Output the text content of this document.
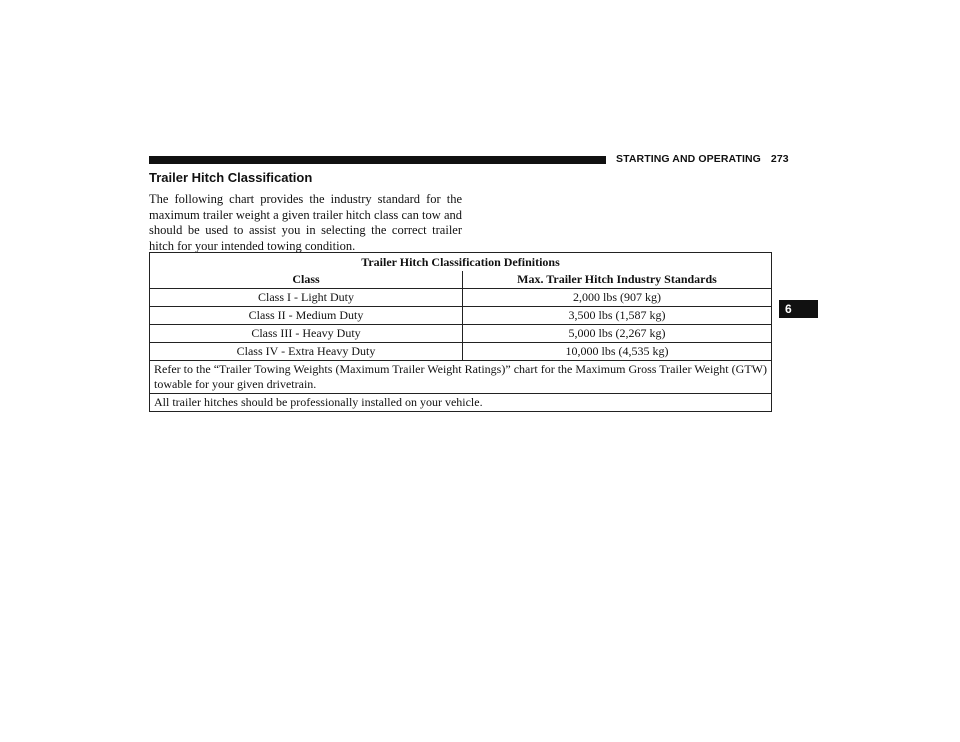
STARTING AND OPERATING 273
Trailer Hitch Classification

The following chart provides the industry standard for the maximum trailer weight a given trailer hitch class can tow and should be used to assist you in selecting the correct trailer hitch for your intended towing condition.

6
Trailer Hitch Classification Definitions	
Class	Max. Trailer Hitch Industry Standards
Class I - Light Duty	2,000 lbs (907 kg)
Class II - Medium Duty	3,500 lbs (1,587 kg)
Class III - Heavy Duty	5,000 lbs (2,267 kg)
Class IV - Extra Heavy Duty	10,000 lbs (4,535 kg)
Refer to the “Trailer Towing Weights (Maximum Trailer Weight Ratings)” chart for the Maximum Gross Trailer Weight (GTW) towable for your given drivetrain.	
All trailer hitches should be professionally installed on your vehicle.	
